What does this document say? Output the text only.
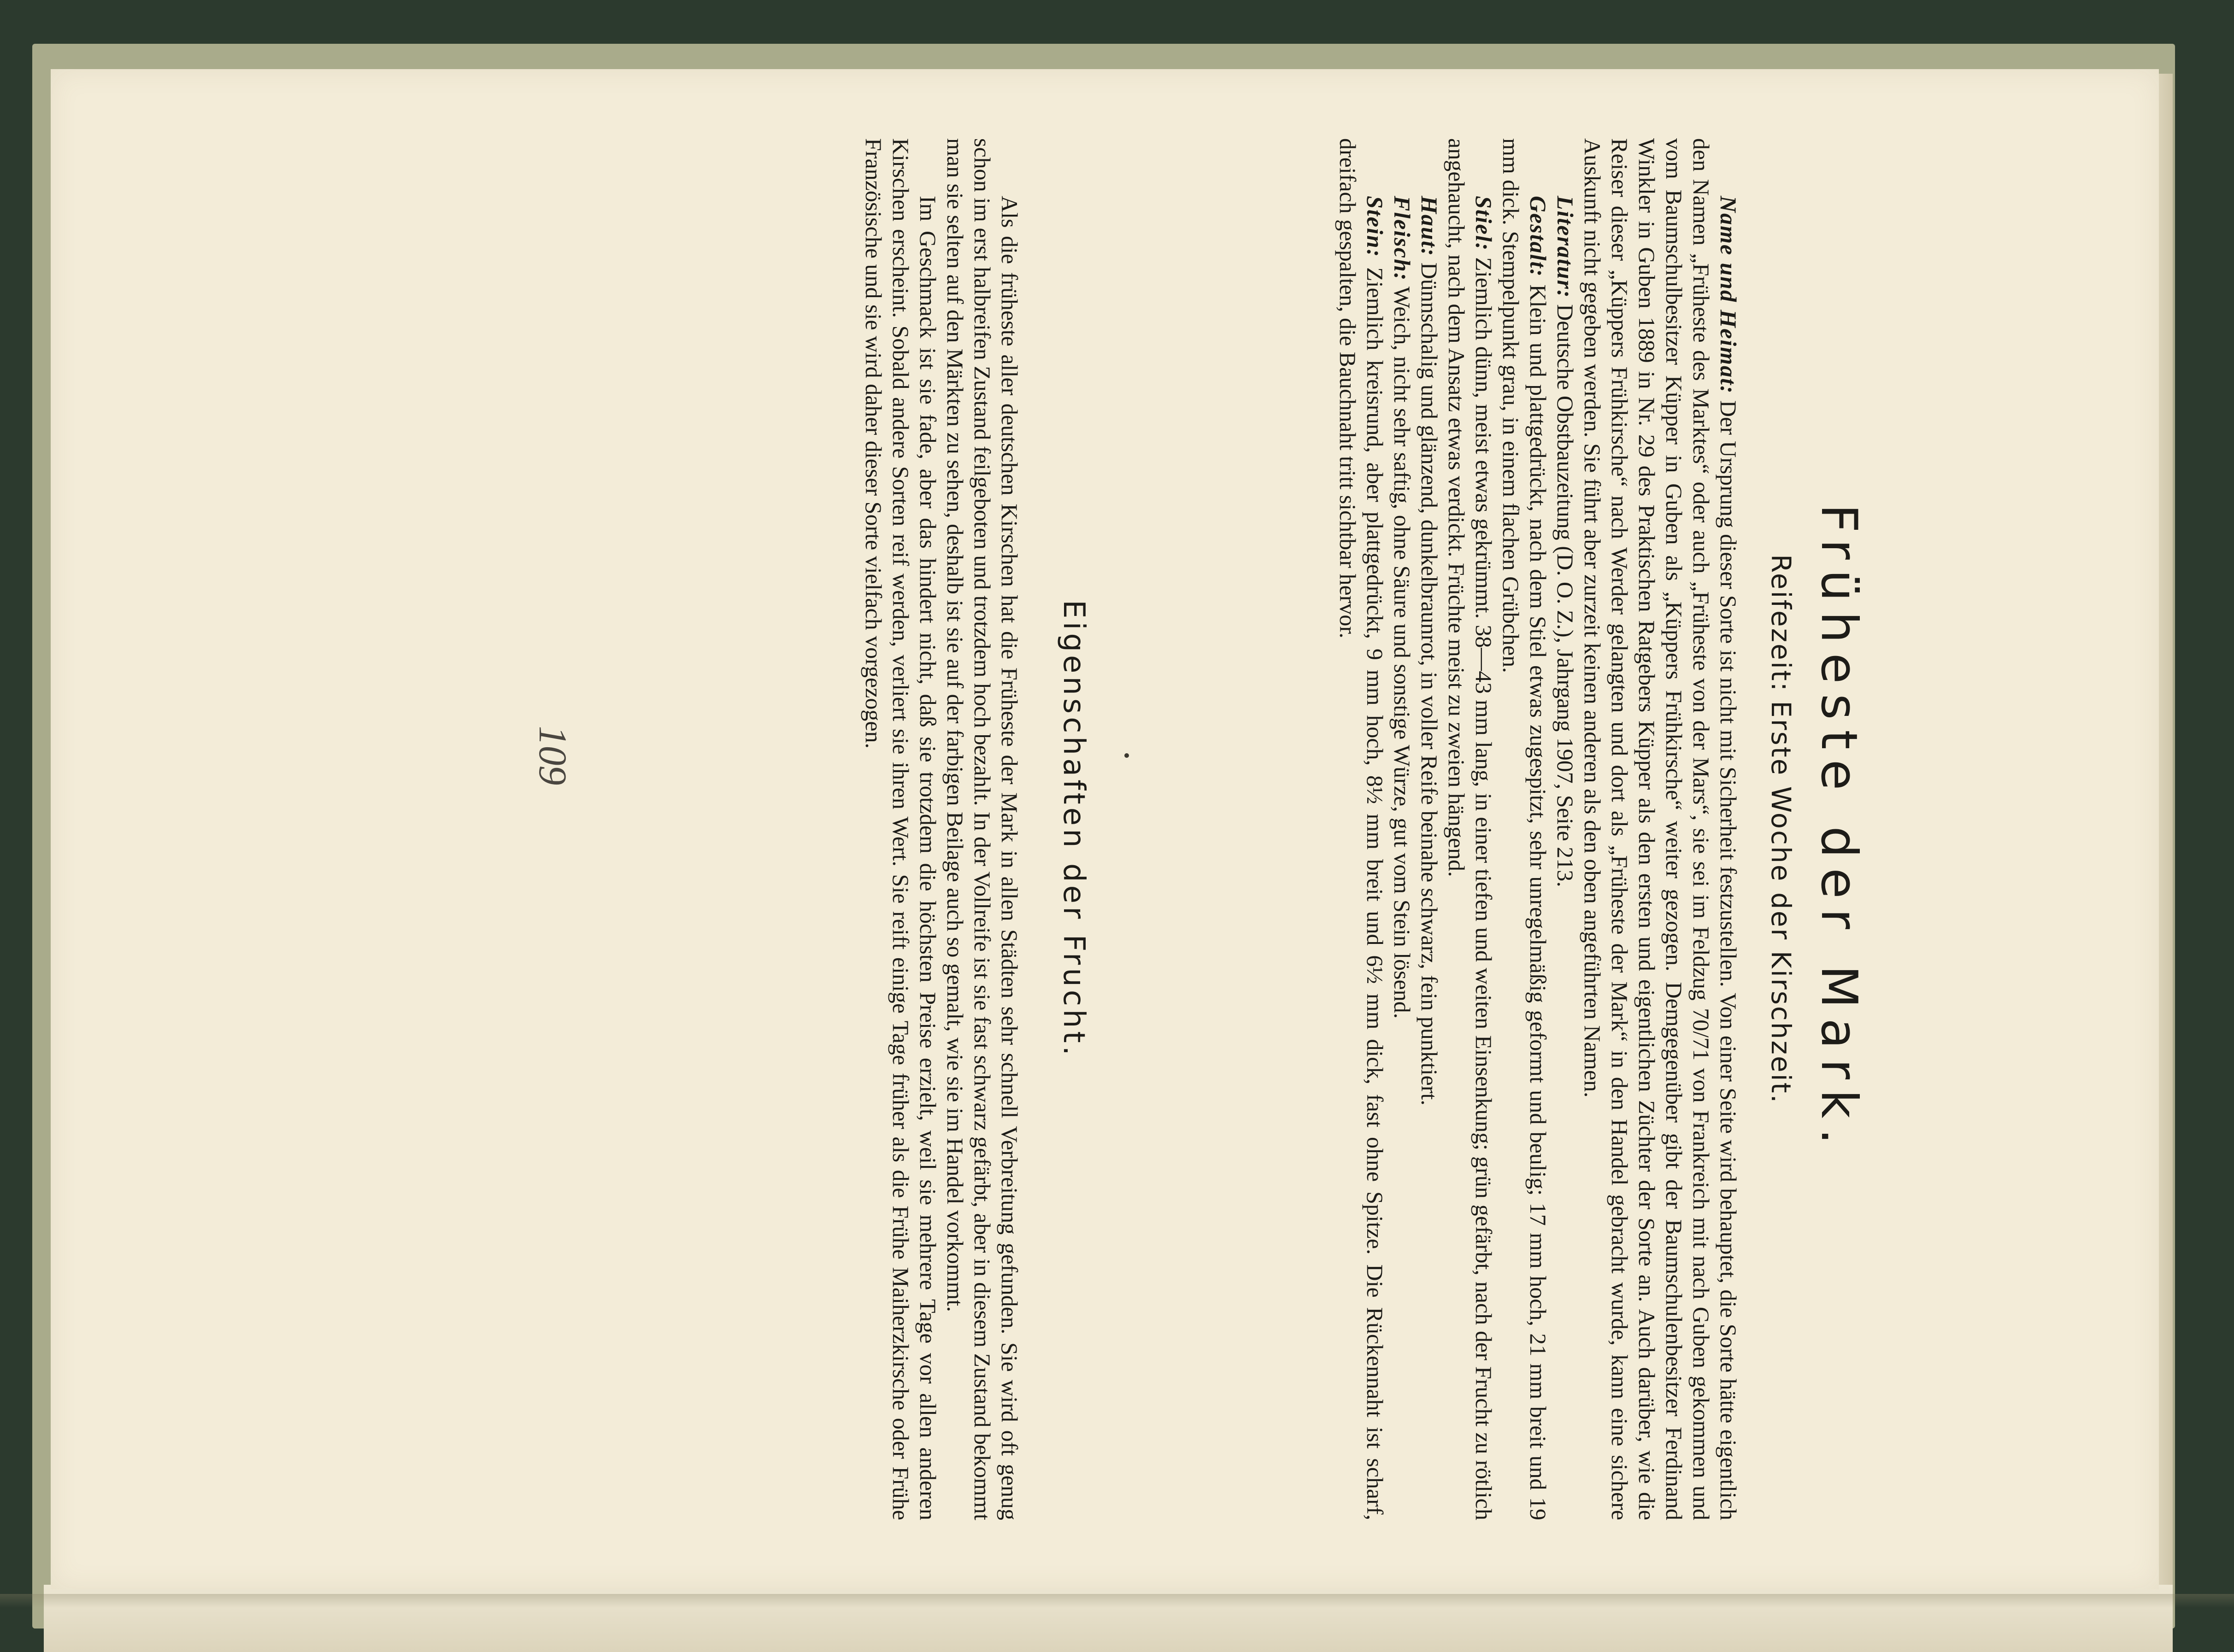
Früheste der Mark.
Reifezeit:Erste Woche der Kirschzeit.

Name und Heimat: Der Ursprung dieser Sorte ist nicht mit Sicherheit festzustellen. Von einer Seite wird behauptet, die Sorte hätte eigentlich den Namen „Früheste des Marktes“ oder auch „Früheste von der Mars“, sie sei im Feldzug 70/71 von Frankreich mit nach Guben gekommen und vom Baumschulbesitzer Küpper in Guben als „Küppers Frühkirsche“ weiter gezogen. Demgegenüber gibt der Baumschulenbesitzer Ferdinand Winkler in Guben 1889 in Nr. 29 des Praktischen Ratgebers Küpper als den ersten und eigentlichen Züchter der Sorte an. Auch darüber, wie die Reiser dieser „Küppers Frühkirsche“ nach Werder gelangten und dort als „Früheste der Mark“ in den Handel gebracht wurde, kann eine sichere Auskunft nicht gegeben werden. Sie führt aber zurzeit keinen anderen als den oben angeführten Namen.

Literatur: Deutsche Obstbauzeitung (D. O. Z.), Jahrgang 1907, Seite 213.

Gestalt: Klein und plattgedrückt, nach dem Stiel etwas zugespitzt, sehr unregelmäßig geformt und beulig; 17 mm hoch, 21 mm breit und 19 mm dick. Stempelpunkt grau, in einem flachen Grübchen.

Stiel: Ziemlich dünn, meist etwas gekrümmt. 38—43 mm lang, in einer tiefen und weiten Einsenkung; grün gefärbt, nach der Frucht zu rötlich angehaucht, nach dem Ansatz etwas verdickt. Früchte meist zu zweien hängend.

Haut: Dünnschalig und glänzend, dunkelbraunrot, in voller Reife beinahe schwarz, fein punktiert.

Fleisch: Weich, nicht sehr saftig, ohne Säure und sonstige Würze, gut vom Stein lösend.

Stein: Ziemlich kreisrund, aber plattgedrückt, 9 mm hoch, 8½ mm breit und 6½ mm dick, fast ohne Spitze. Die Rückennaht ist scharf, dreifach gespalten, die Bauchnaht tritt sichtbar hervor.

Eigenschaften der Frucht.

Als die früheste aller deutschen Kirschen hat die Früheste der Mark in allen Städten sehr schnell Verbreitung gefunden. Sie wird oft genug schon im erst halbreifen Zustand feilgeboten und trotzdem hoch bezahlt. In der Vollreife ist sie fast schwarz gefärbt, aber in diesem Zustand bekommt man sie selten auf den Märkten zu sehen, deshalb ist sie auf der farbigen Beilage auch so gemalt, wie sie im Handel vorkommt.

Im Geschmack ist sie fade, aber das hindert nicht, daß sie trotzdem die höchsten Preise erzielt, weil sie mehrere Tage vor allen anderen Kirschen erscheint. Sobald andere Sorten reif werden, verliert sie ihren Wert. Sie reift einige Tage früher als die Frühe Maiherzkirsche oder Frühe Französische und sie wird daher dieser Sorte vielfach vorgezogen.

109
